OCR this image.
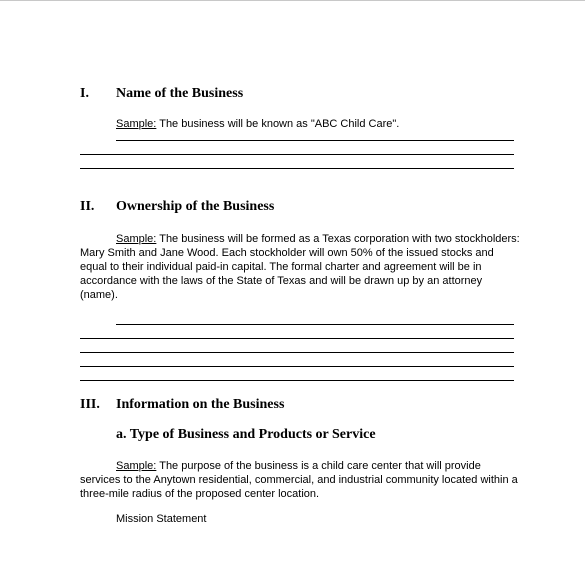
I. Name of the Business
Sample: The business will be known as "ABC Child Care".
II. Ownership of the Business
Sample: The business will be formed as a Texas corporation with two stockholders: Mary Smith and Jane Wood. Each stockholder will own 50% of the issued stocks and equal to their individual paid-in capital. The formal charter and agreement will be in accordance with the laws of the State of Texas and will be drawn up by an attorney (name).
III. Information on the Business
a. Type of Business and Products or Service
Sample: The purpose of the business is a child care center that will provide services to the Anytown residential, commercial, and industrial community located within a three-mile radius of the proposed center location.
Mission Statement
